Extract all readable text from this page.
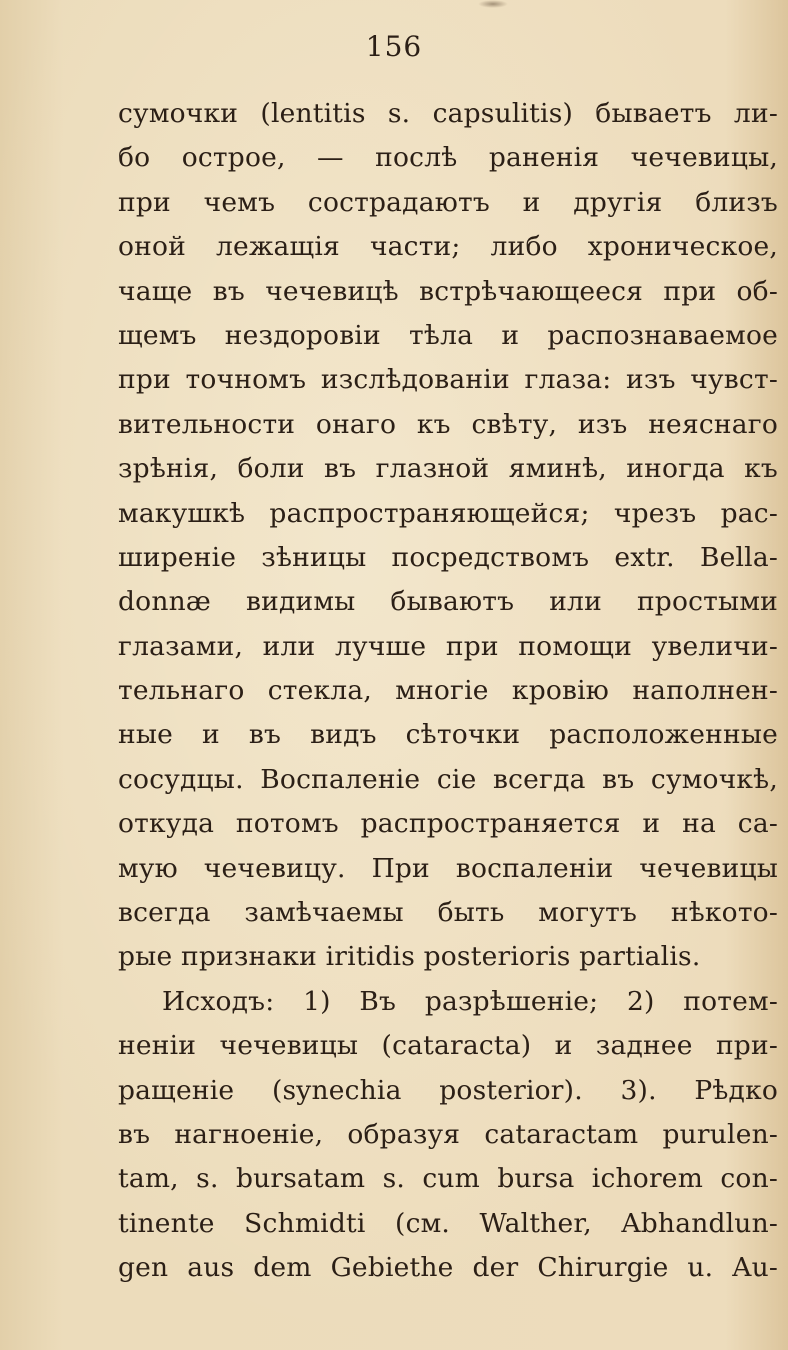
156
сумочки (lentitis s. capsulitis) бываетъ ли-
бо острое, — послѣ раненія чечевицы,
при чемъ сострадаютъ и другія близъ
оной лежащія части; либо хроническое,
чаще въ чечевицѣ встрѣчающееся при об-
щемъ нездоровіи тѣла и распознаваемое
при точномъ изслѣдованіи глаза: изъ чувст-
вительности онаго къ свѣту, изъ неяснаго
зрѣнія, боли въ глазной яминѣ, иногда къ
макушкѣ распространяющейся; чрезъ рас-
ширеніе зѣницы посредствомъ extr. Bella-
donnæ видимы бываютъ или простыми
глазами, или лучше при помощи увеличи-
тельнаго стекла, многіе кровію наполнен-
ные и въ видъ сѣточки расположенные
сосудцы. Воспаленіе сіе всегда въ сумочкѣ,
откуда потомъ распространяется и на са-
мую чечевицу. При воспаленіи чечевицы
всегда замѣчаемы быть могутъ нѣкото-
рые признаки iritidis posterioris partialis.
Исходъ: 1) Въ разрѣшеніе; 2) потем-
неніи чечевицы (cataracta) и заднее при-
ращеніе (synechia posterior). 3). Рѣдко
въ нагноеніе, образуя cataractam purulen-
tam, s. bursatam s. cum bursa ichorem con-
tinente Schmidti (см. Walther, Abhandlun-
gen aus dem Gebiethe der Chirurgie u. Au-
